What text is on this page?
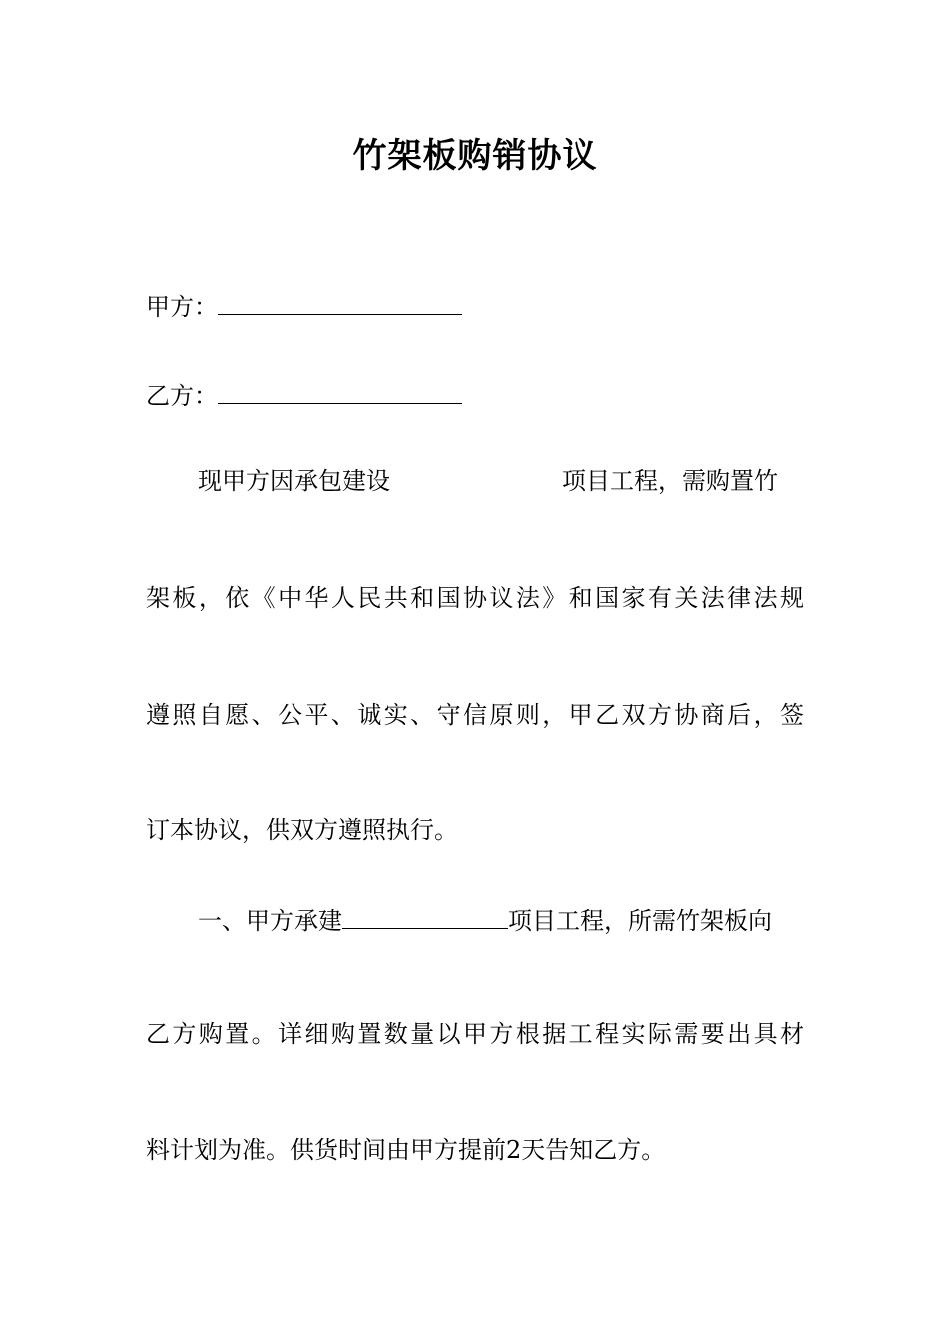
竹架板购销协议
甲方：
乙方：
现甲方因承包建设	项目工程，需购置竹
架板，依《中华人民共和国协议法》和国家有关法律法规
遵照自愿、公平、诚实、守信原则，甲乙双方协商后，签
订本协议，供双方遵照执行。
一、甲方承建	项目工程，所需竹架板向
乙方购置。详细购置数量以甲方根据工程实际需要出具材
料计划为准。供货时间由甲方提前2天告知乙方。
